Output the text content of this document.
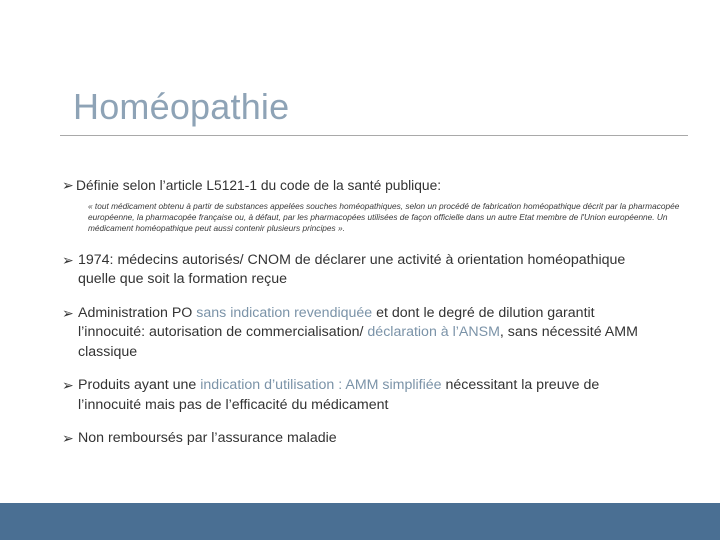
Homéopathie
➢ Définie selon l’article L5121-1 du code de la santé publique:
« tout médicament obtenu à partir de substances appelées souches homéopathiques, selon un procédé de fabrication homéopathique décrit par la pharmacopée européenne, la pharmacopée française ou, à défaut, par les pharmacopées utilisées de façon officielle dans un autre Etat membre de l'Union européenne. Un médicament homéopathique peut aussi contenir plusieurs principes ».
➢ 1974: médecins autorisés/ CNOM de déclarer une activité à orientation homéopathique quelle que soit la formation reçue
➢ Administration PO sans indication revendiquée et dont le degré de dilution garantit l’innocuité: autorisation de commercialisation/ déclaration à l’ANSM, sans nécessité AMM classique
➢ Produits ayant une indication d’utilisation : AMM simplifiée nécessitant la preuve de l’innocuité mais pas de l’efficacité du médicament
➢ Non remboursés par l’assurance maladie
